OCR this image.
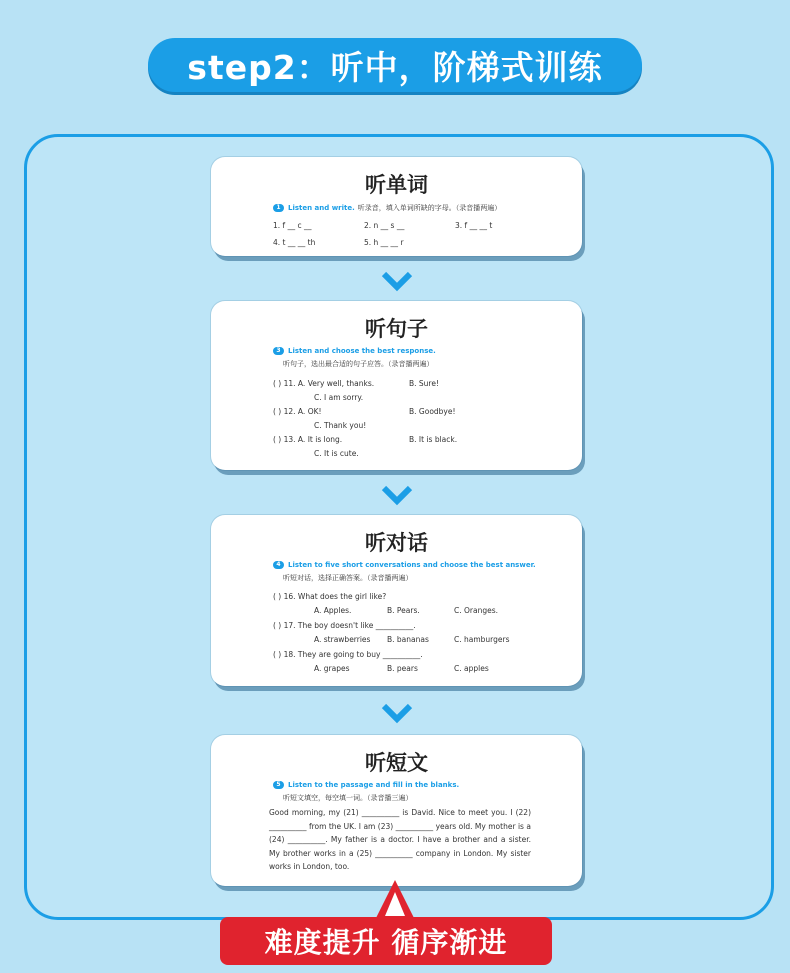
step2：听中，阶梯式训练
听单词
1	Listen and write. 听录音，填入单词所缺的字母。（录音播两遍）
1. f __ c __	2. n __ s __	3. f __ __ t
4. t __ __ th	5. h __ __ r
听句子
3	Listen and choose the best response.
听句子，选出最合适的句子应答。（录音播两遍）
( ) 11. A. Very well, thanks.	B. Sure!
C. I am sorry.
( ) 12. A. OK!	B. Goodbye!
C. Thank you!
( ) 13. A. It is long.	B. It is black.
C. It is cute.
听对话
4	Listen to five short conversations and choose the best answer.
听短对话，选择正确答案。（录音播两遍）
( ) 16. What does the girl like?
A. Apples.	B. Pears.	C. Oranges.
( ) 17. The boy doesn't like __________.
A. strawberries B. bananas	C. hamburgers
( ) 18. They are going to buy __________.
A. grapes	B. pears	C. apples
听短文
5	Listen to the passage and fill in the blanks.
听短文填空，每空填一词。（录音播三遍）
Good morning, my (21) __________ is David. Nice to meet you. I (22) __________ from the UK. I am (23) __________ years old. My mother is a (24) __________. My father is a doctor. I have a brother and a sister. My brother works in a (25) __________ company in London. My sister works in London, too.
难度提升 循序渐进
